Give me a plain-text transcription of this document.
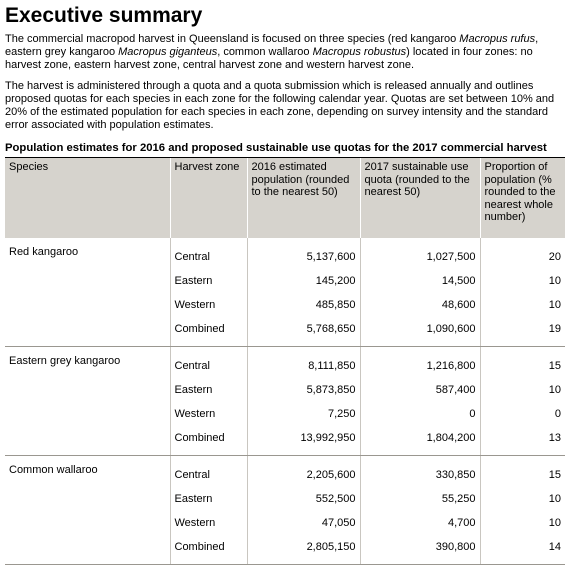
Executive summary

The commercial macropod harvest in Queensland is focused on three species (red kangaroo Macropus rufus, eastern grey kangaroo Macropus giganteus, common wallaroo Macropus robustus) located in four zones: no harvest zone, eastern harvest zone, central harvest zone and western harvest zone.

The harvest is administered through a quota and a quota submission which is released annually and outlines proposed quotas for each species in each zone for the following calendar year. Quotas are set between 10% and 20% of the estimated population for each species in each zone, depending on survey intensity and the standard error associated with population estimates.

Population estimates for 2016 and proposed sustainable use quotas for the 2017 commercial harvest
Species	Harvest zone	2016 estimated population (rounded to the nearest 50)	2017 sustainable use quota (rounded to the nearest 50)	Proportion of population (% rounded to the nearest whole number)
Red kangaroo	Central	5,137,600	1,027,500	20
	Eastern	145,200	14,500	10
	Western	485,850	48,600	10
	Combined	5,768,650	1,090,600	19
Eastern grey kangaroo	Central	8,111,850	1,216,800	15
	Eastern	5,873,850	587,400	10
	Western	7,250	0	0
	Combined	13,992,950	1,804,200	13
Common wallaroo	Central	2,205,600	330,850	15
	Eastern	552,500	55,250	10
	Western	47,050	4,700	10
	Combined	2,805,150	390,800	14
